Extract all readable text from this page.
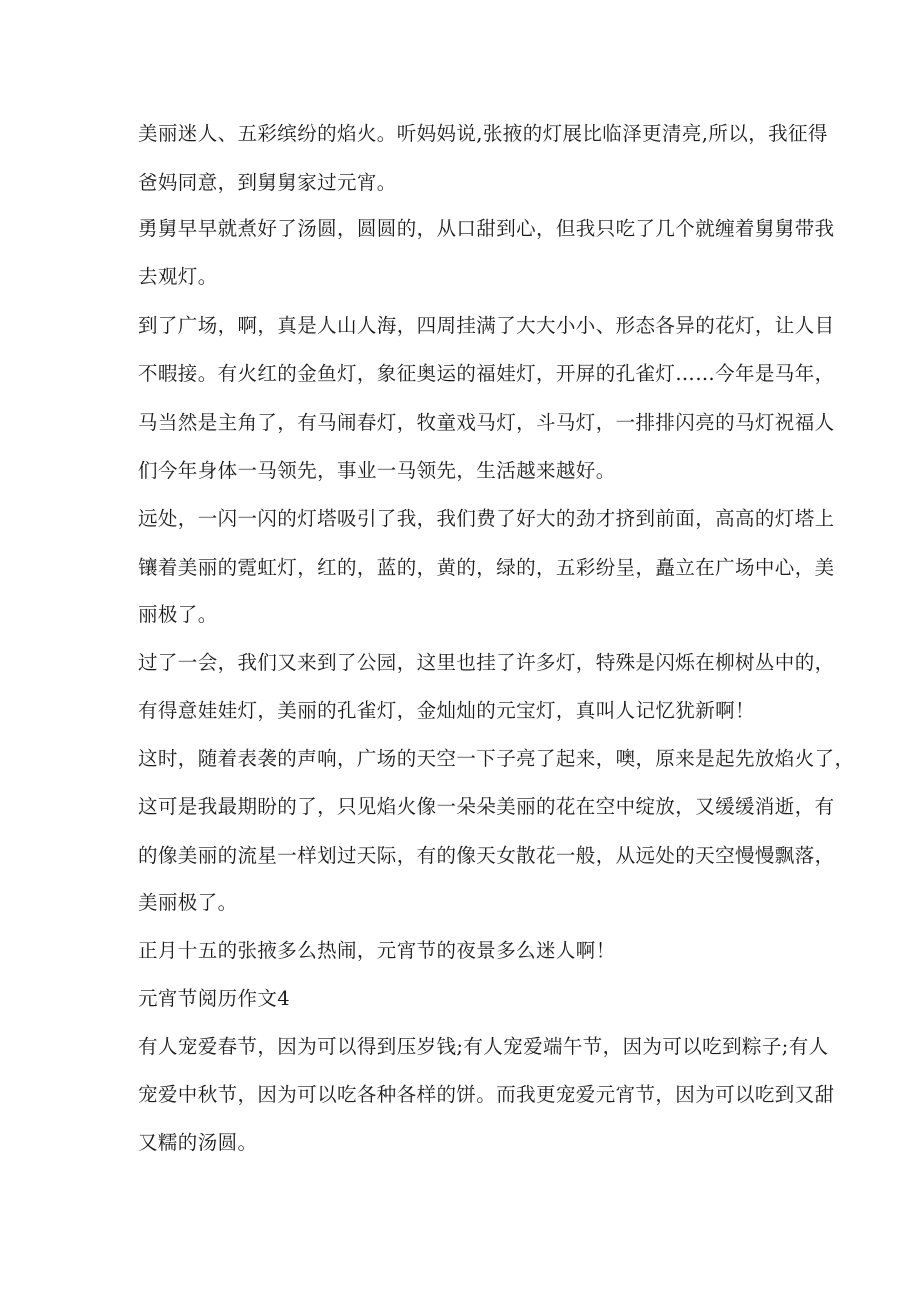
美丽迷人、五彩缤纷的焰火。听妈妈说,张掖的灯展比临泽更清亮,所以，我征得
爸妈同意，到舅舅家过元宵。
勇舅早早就煮好了汤圆，圆圆的，从口甜到心，但我只吃了几个就缠着舅舅带我
去观灯。
到了广场，啊，真是人山人海，四周挂满了大大小小、形态各异的花灯，让人目
不暇接。有火红的金鱼灯，象征奥运的福娃灯，开屏的孔雀灯……今年是马年，
马当然是主角了，有马闹春灯，牧童戏马灯，斗马灯，一排排闪亮的马灯祝福人
们今年身体一马领先，事业一马领先，生活越来越好。
远处，一闪一闪的灯塔吸引了我，我们费了好大的劲才挤到前面，高高的灯塔上
镶着美丽的霓虹灯，红的，蓝的，黄的，绿的，五彩纷呈，矗立在广场中心，美
丽极了。
过了一会，我们又来到了公园，这里也挂了许多灯，特殊是闪烁在柳树丛中的，
有得意娃娃灯，美丽的孔雀灯，金灿灿的元宝灯，真叫人记忆犹新啊！
这时，随着表袭的声响，广场的天空一下子亮了起来，噢，原来是起先放焰火了，
这可是我最期盼的了，只见焰火像一朵朵美丽的花在空中绽放，又缓缓消逝，有
的像美丽的流星一样划过天际，有的像天女散花一般，从远处的天空慢慢飘落，
美丽极了。
正月十五的张掖多么热闹，元宵节的夜景多么迷人啊！
元宵节阅历作文4
有人宠爱春节，因为可以得到压岁钱;有人宠爱端午节，因为可以吃到粽子;有人
宠爱中秋节，因为可以吃各种各样的饼。而我更宠爱元宵节，因为可以吃到又甜
又糯的汤圆。
